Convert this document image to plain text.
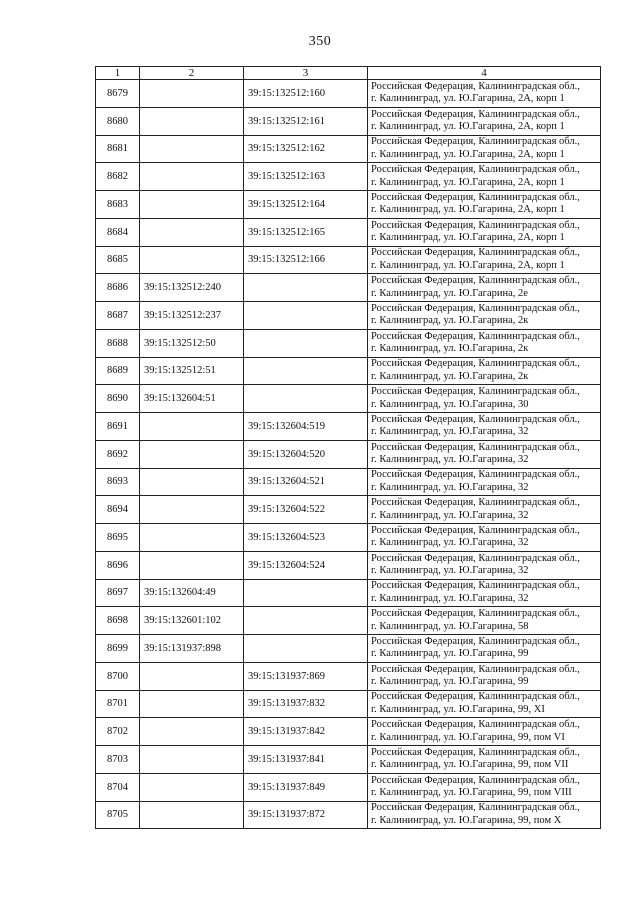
350
1	2	3	4
8679		39:15:132512:160	Российская Федерация, Калининградская обл.,
г. Калининград, ул. Ю.Гагарина, 2А, корп 1

8680		39:15:132512:161	Российская Федерация, Калининградская обл.,
г. Калининград, ул. Ю.Гагарина, 2А, корп 1

8681		39:15:132512:162	Российская Федерация, Калининградская обл.,
г. Калининград, ул. Ю.Гагарина, 2А, корп 1

8682		39:15:132512:163	Российская Федерация, Калининградская обл.,
г. Калининград, ул. Ю.Гагарина, 2А, корп 1

8683		39:15:132512:164	Российская Федерация, Калининградская обл.,
г. Калининград, ул. Ю.Гагарина, 2А, корп 1

8684		39:15:132512:165	Российская Федерация, Калининградская обл.,
г. Калининград, ул. Ю.Гагарина, 2А, корп 1

8685		39:15:132512:166	Российская Федерация, Калининградская обл.,
г. Калининград, ул. Ю.Гагарина, 2А, корп 1

8686	39:15:132512:240		Российская Федерация, Калининградская обл.,
г. Калининград, ул. Ю.Гагарина, 2е

8687	39:15:132512:237		Российская Федерация, Калининградская обл.,
г. Калининград, ул. Ю.Гагарина, 2к

8688	39:15:132512:50		Российская Федерация, Калининградская обл.,
г. Калининград, ул. Ю.Гагарина, 2к

8689	39:15:132512:51		Российская Федерация, Калининградская обл.,
г. Калининград, ул. Ю.Гагарина, 2к

8690	39:15:132604:51		Российская Федерация, Калининградская обл.,
г. Калининград, ул. Ю.Гагарина, 30

8691		39:15:132604:519	Российская Федерация, Калининградская обл.,
г. Калининград, ул. Ю.Гагарина, 32

8692		39:15:132604:520	Российская Федерация, Калининградская обл.,
г. Калининград, ул. Ю.Гагарина, 32

8693		39:15:132604:521	Российская Федерация, Калининградская обл.,
г. Калининград, ул. Ю.Гагарина, 32

8694		39:15:132604:522	Российская Федерация, Калининградская обл.,
г. Калининград, ул. Ю.Гагарина, 32

8695		39:15:132604:523	Российская Федерация, Калининградская обл.,
г. Калининград, ул. Ю.Гагарина, 32

8696		39:15:132604:524	Российская Федерация, Калининградская обл.,
г. Калининград, ул. Ю.Гагарина, 32

8697	39:15:132604:49		Российская Федерация, Калининградская обл.,
г. Калининград, ул. Ю.Гагарина, 32

8698	39:15:132601:102		Российская Федерация, Калининградская обл.,
г. Калининград, ул. Ю.Гагарина, 58

8699	39:15:131937:898		Российская Федерация, Калининградская обл.,
г. Калининград, ул. Ю.Гагарина, 99

8700		39:15:131937:869	Российская Федерация, Калининградская обл.,
г. Калининград, ул. Ю.Гагарина, 99

8701		39:15:131937:832	Российская Федерация, Калининградская обл.,
г. Калининград, ул. Ю.Гагарина, 99, XI

8702		39:15:131937:842	Российская Федерация, Калининградская обл.,
г. Калининград, ул. Ю.Гагарина, 99, пом VI

8703		39:15:131937:841	Российская Федерация, Калининградская обл.,
г. Калининград, ул. Ю.Гагарина, 99, пом VII

8704		39:15:131937:849	Российская Федерация, Калининградская обл.,
г. Калининград, ул. Ю.Гагарина, 99, пом VIII

8705		39:15:131937:872	Российская Федерация, Калининградская обл.,
г. Калининград, ул. Ю.Гагарина, 99, пом X
